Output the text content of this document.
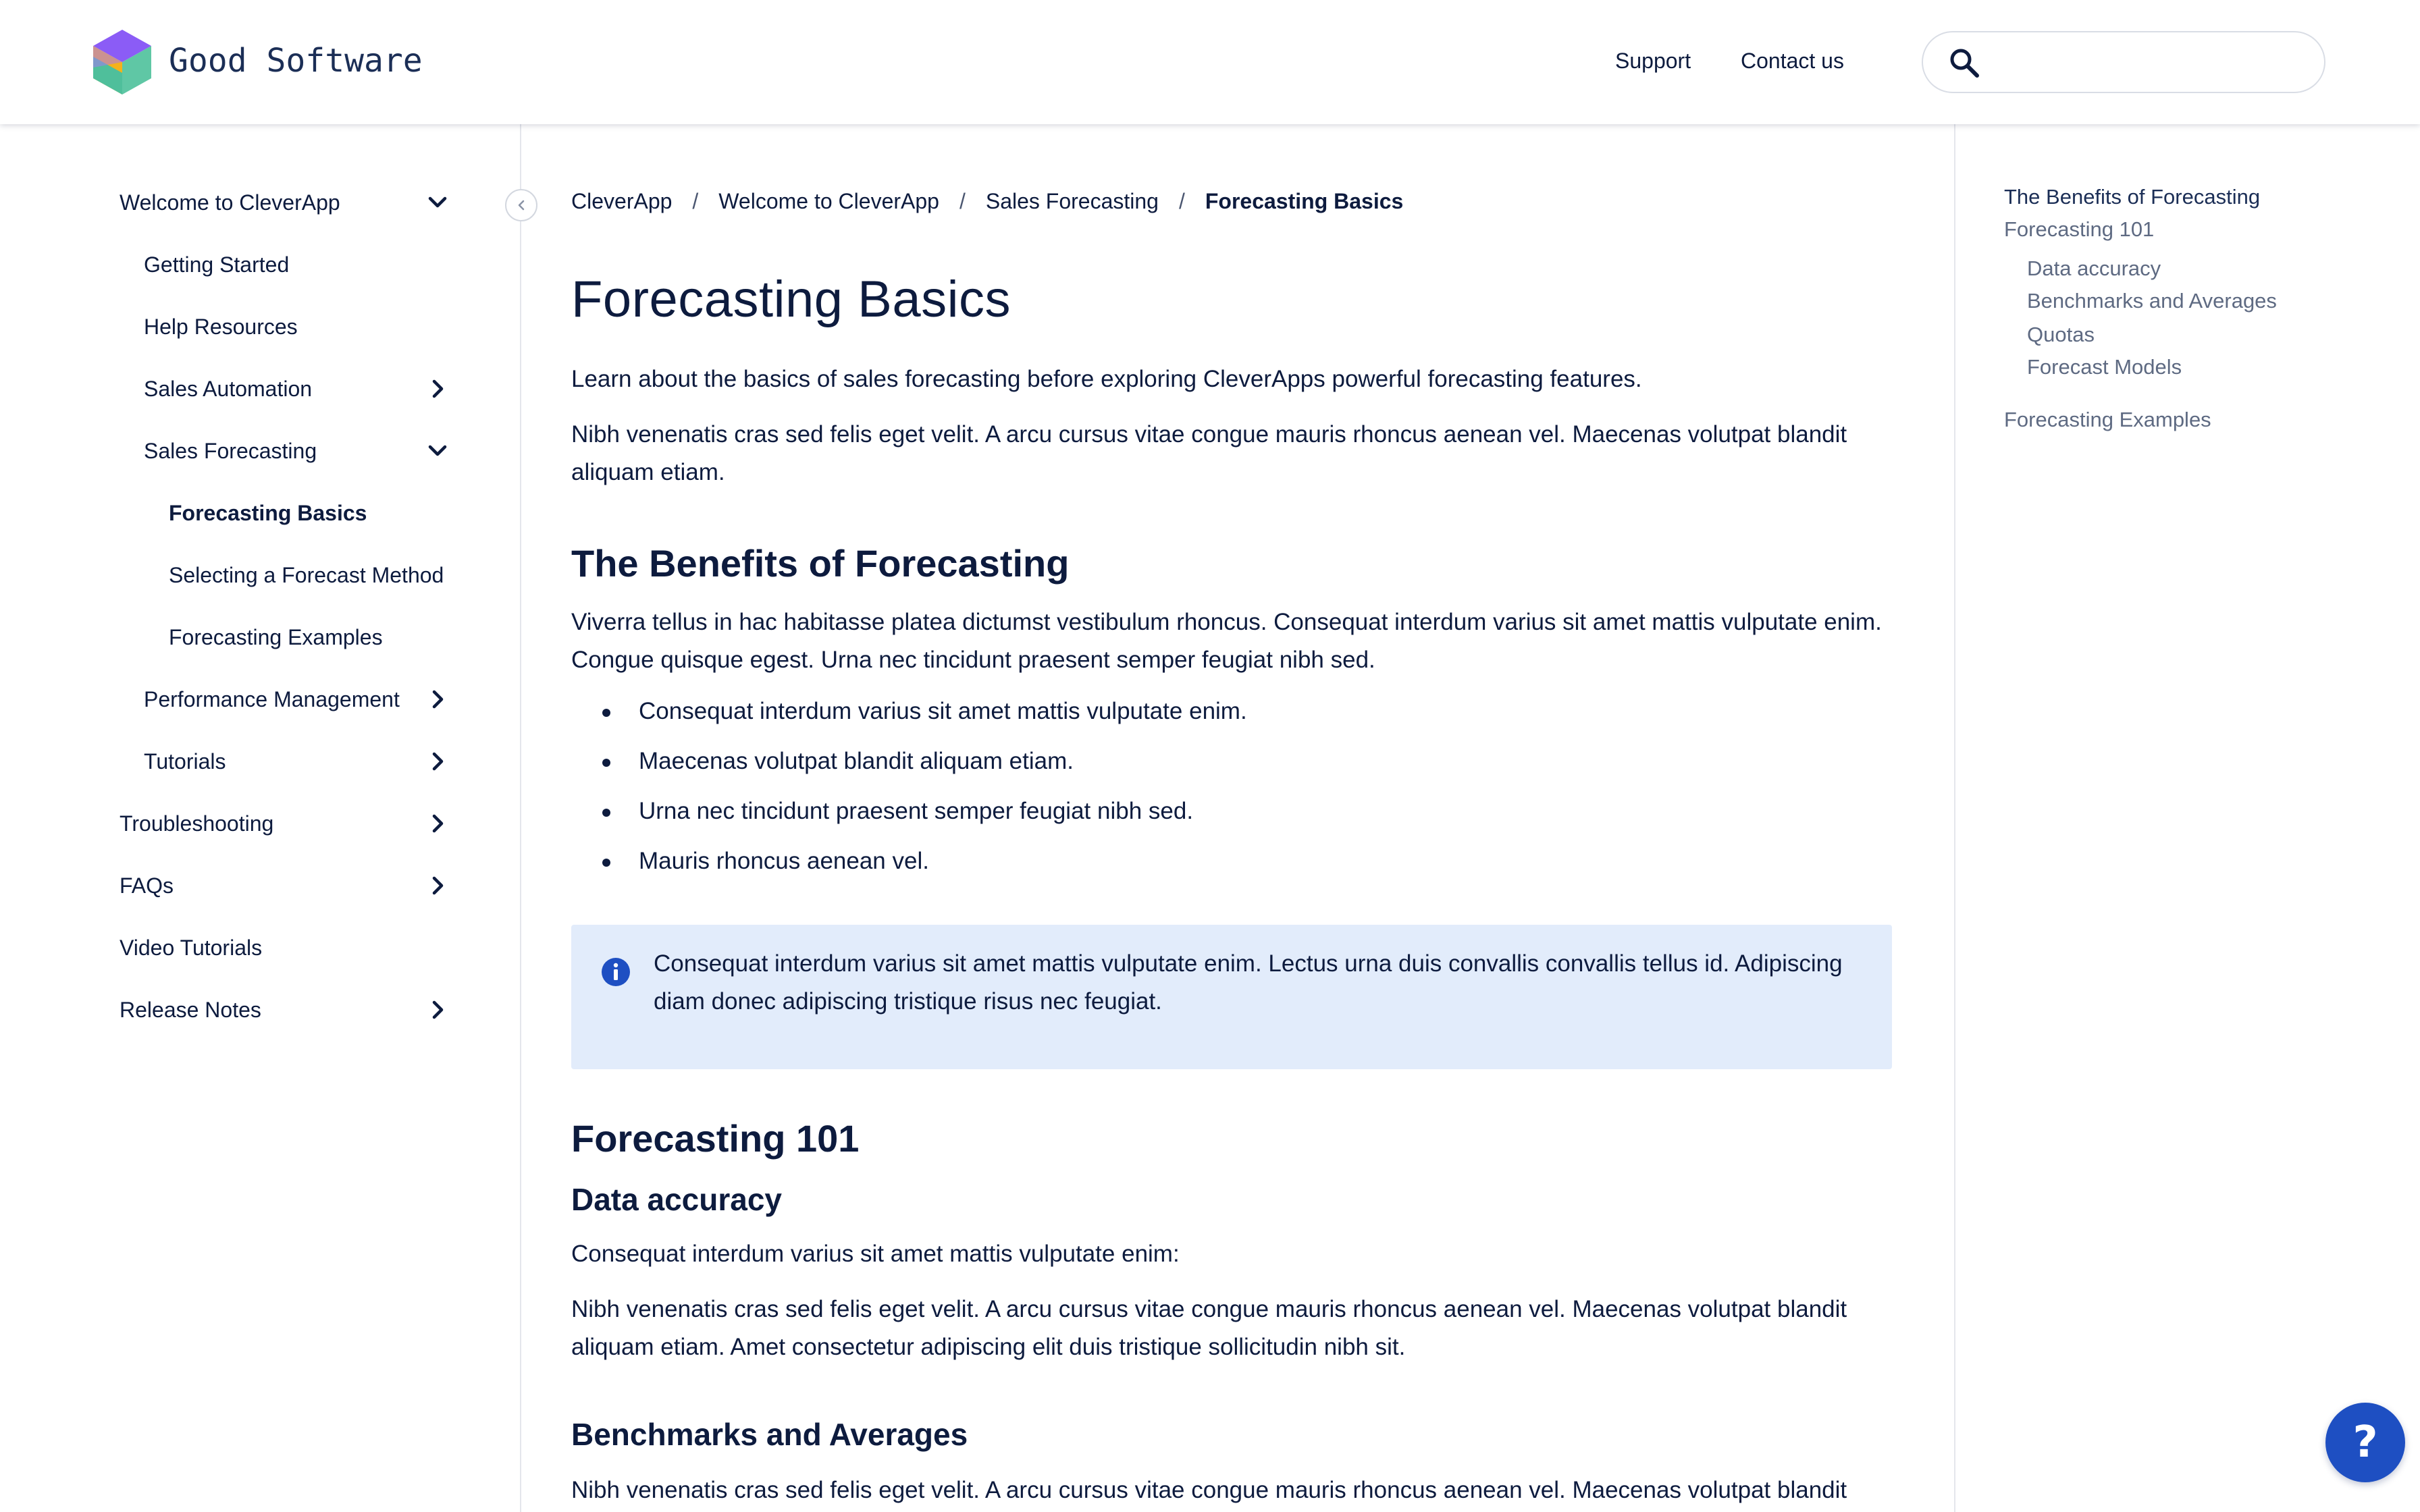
Good Software	Support Contact us
Welcome to CleverApp
Getting Started
Help Resources
Sales Automation
Sales Forecasting
Forecasting Basics
Selecting a Forecast Method
Forecasting Examples
Performance Management
Tutorials
Troubleshooting
FAQs
Video Tutorials
Release Notes
CleverApp / Welcome to CleverApp / Sales Forecasting / Forecasting Basics
Forecasting Basics

Learn about the basics of sales forecasting before exploring CleverApps powerful forecasting features.

Nibh venenatis cras sed felis eget velit. A arcu cursus vitae congue mauris rhoncus aenean vel. Maecenas volutpat blandit aliquam etiam.

The Benefits of Forecasting

Viverra tellus in hac habitasse platea dictumst vestibulum rhoncus. Consequat interdum varius sit amet mattis vulputate enim. Congue quisque egest. Urna nec tincidunt praesent semper feugiat nibh sed.

Consequat interdum varius sit amet mattis vulputate enim.
Maecenas volutpat blandit aliquam etiam.
Urna nec tincidunt praesent semper feugiat nibh sed.
Mauris rhoncus aenean vel.

Consequat interdum varius sit amet mattis vulputate enim. Lectus urna duis convallis convallis tellus id. Adipiscing diam donec adipiscing tristique risus nec feugiat.

Forecasting 101
Data accuracy

Consequat interdum varius sit amet mattis vulputate enim:

Nibh venenatis cras sed felis eget velit. A arcu cursus vitae congue mauris rhoncus aenean vel. Maecenas volutpat blandit aliquam etiam. Amet consectetur adipiscing elit duis tristique sollicitudin nibh sit.

Benchmarks and Averages

Nibh venenatis cras sed felis eget velit. A arcu cursus vitae congue mauris rhoncus aenean vel. Maecenas volutpat blandit

The Benefits of Forecasting
Forecasting 101
Data accuracy
Benchmarks and Averages
Quotas
Forecast Models
Forecasting Examples
?
